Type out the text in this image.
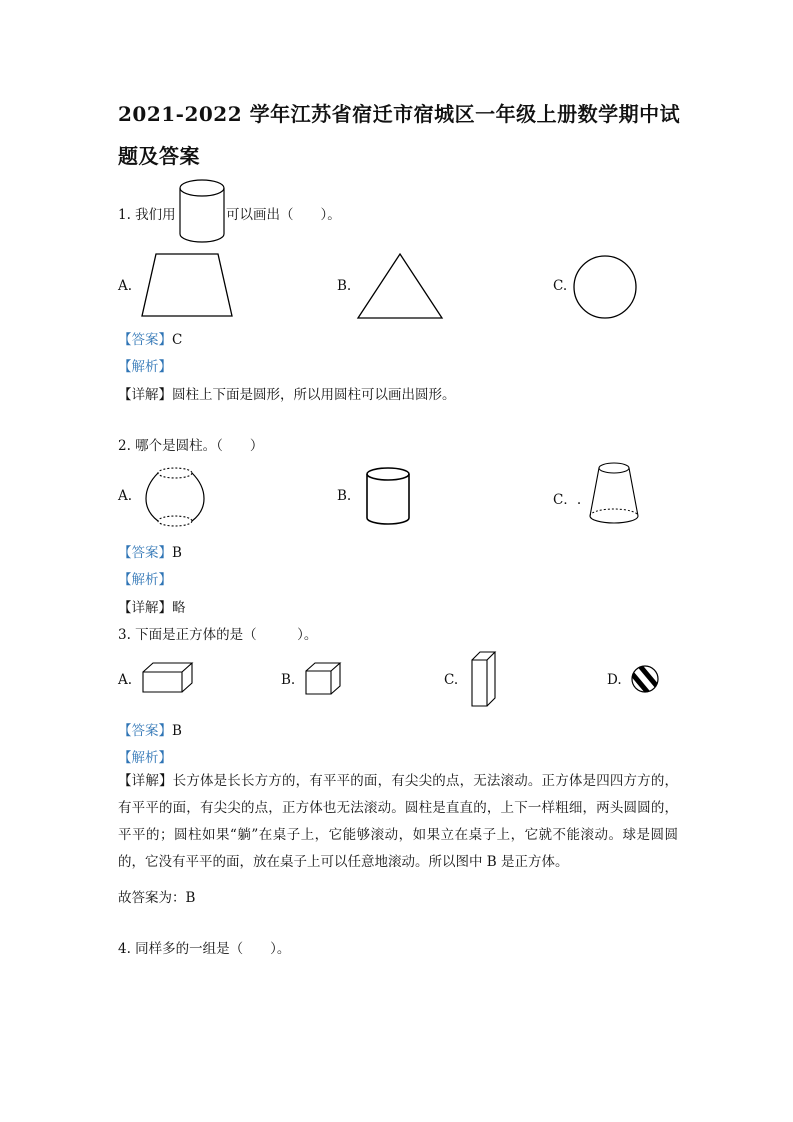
2021-2022 学年江苏省宿迁市宿城区一年级上册数学期中试
题及答案
1. 我们用	可以画出（　　）。
A.	B.	C.
【答案】C
【解析】
【详解】圆柱上下面是圆形，所以用圆柱可以画出圆形。
2. 哪个是圆柱。（　　）
A.	B.	C．.
【答案】B
【解析】
【详解】略
3. 下面是正方体的是（　　　）。
A.	B.	C.	D.
【答案】B
【解析】
【详解】长方体是长长方方的，有平平的面，有尖尖的点，无法滚动。正方体是四四方方的，有平平的面，有尖尖的点，正方体也无法滚动。圆柱是直直的，上下一样粗细，两头圆圆的，平平的；圆柱如果“躺”在桌子上，它能够滚动，如果立在桌子上，它就不能滚动。球是圆圆的，它没有平平的面，放在桌子上可以任意地滚动。所以图中 B 是正方体。
故答案为：B
4. 同样多的一组是（　　）。
